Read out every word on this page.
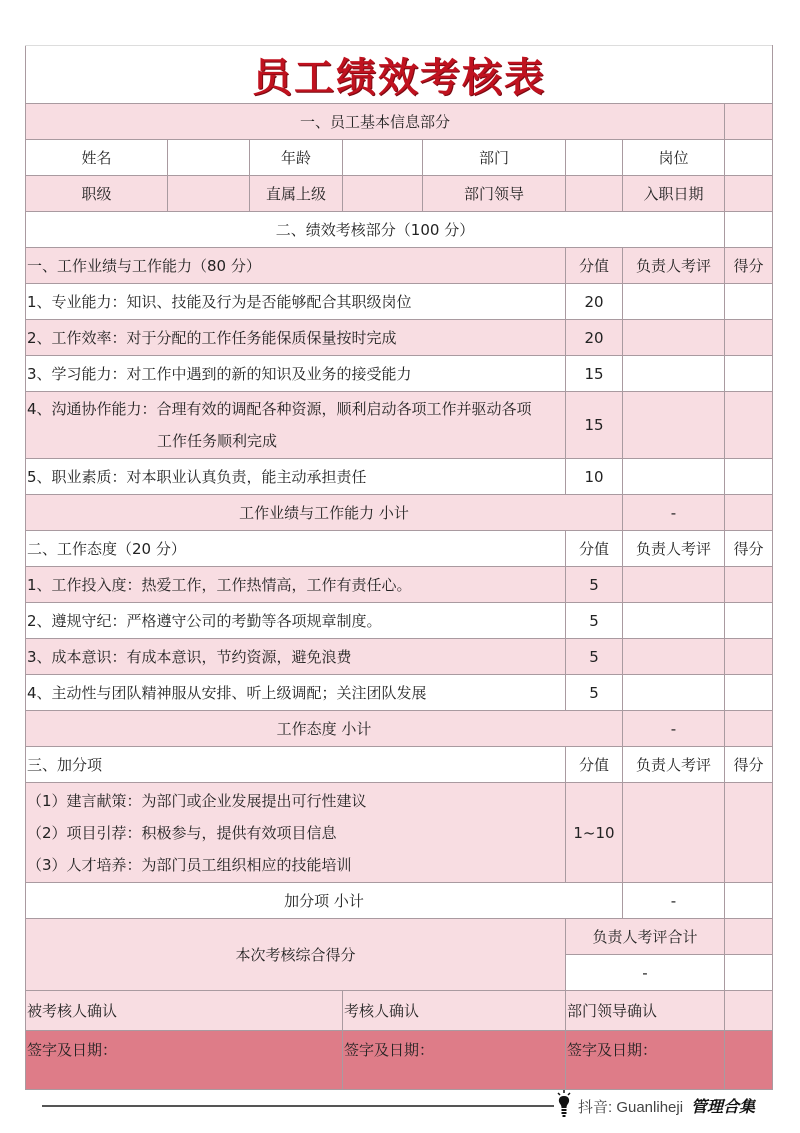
员工绩效考核表							
一、员工基本信息部分							
姓名		年龄		部门		岗位	
职级		直属上级		部门领导		入职日期	
二、绩效考核部分（100 分）							
一、工作业绩与工作能力（80 分）					分值	负责人考评	得分
1、专业能力：知识、技能及行为是否能够配合其职级岗位					20		
2、工作效率：对于分配的工作任务能保质保量按时完成					20		
3、学习能力：对工作中遇到的新的知识及业务的接受能力					15		
4、沟通协作能力：合理有效的调配各种资源，顺利启动各项工作并驱动各项
工作任务顺利完成					15		
5、职业素质：对本职业认真负责，能主动承担责任					10		
工作业绩与工作能力 小计						-	
二、工作态度（20 分）					分值	负责人考评	得分
1、工作投入度：热爱工作，工作热情高，工作有责任心。					5		
2、遵规守纪：严格遵守公司的考勤等各项规章制度。					5		
3、成本意识：有成本意识，节约资源，避免浪费					5		
4、主动性与团队精神服从安排、听上级调配；关注团队发展					5		
工作态度 小计						-	
三、加分项					分值	负责人考评	得分

（1）建言献策：为部门或企业发展提出可行性建议
（2）项目引荐：积极参与，提供有效项目信息
（3）人才培养：为部门员工组织相应的技能培训					1~10		
加分项 小计						-	
本次考核综合得分					负责人考评合计		
					-		
被考核人确认			考核人确认		部门领导确认		
签字及日期：			签字及日期：		签字及日期：		
抖音: Guanliheji 管理合集
